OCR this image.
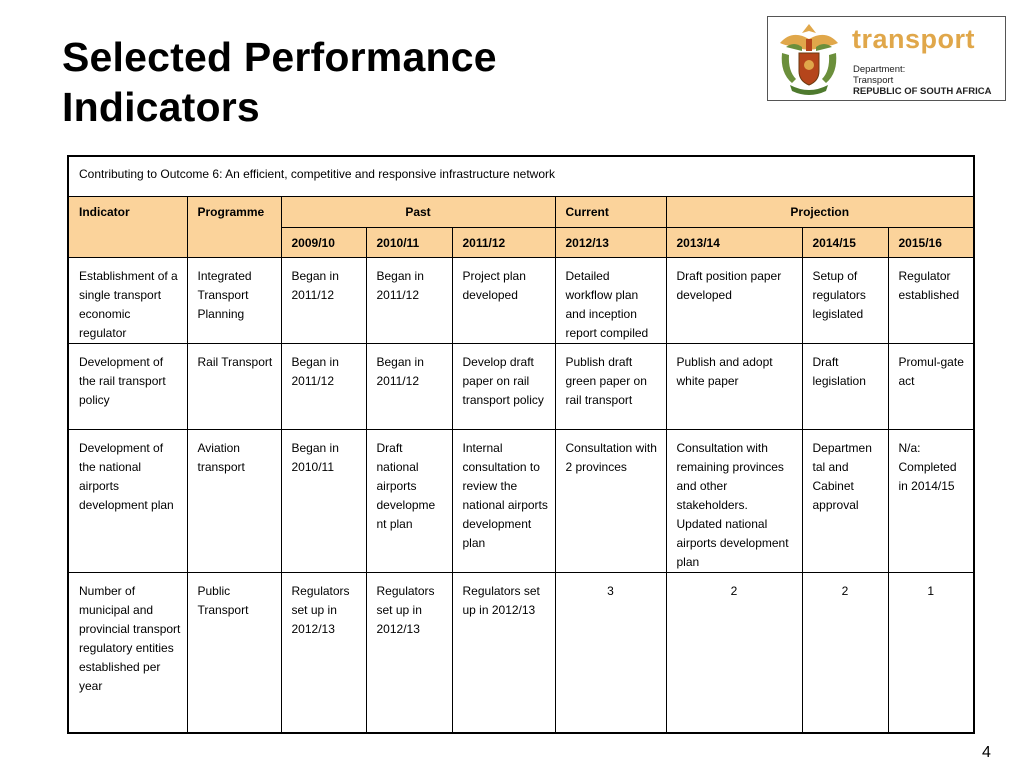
Selected Performance Indicators
transport
Department:
Transport
REPUBLIC OF SOUTH AFRICA
Contributing to Outcome 6: An efficient, competitive and responsive infrastructure network								
Indicator	Programme	Past			Current	Projection		
		2009/10	2010/11	2011/12	2012/13	2013/14	2014/15	2015/16
Establishment of a single transport economic regulator	Integrated Transport Planning	Began in 2011/12	Began in 2011/12	Project plan developed	Detailed workflow plan and inception report compiled	Draft position paper developed	Setup of regulators legislated	Regulator established
Development of the rail transport policy	Rail Transport	Began in 2011/12	Began in 2011/12	Develop draft paper on rail transport policy	Publish draft green paper on rail transport	Publish and adopt white paper	Draft legislation	Promul-gate act
Development of the national airports development plan	Aviation transport	Began in 2010/11	Draft national airports developme nt plan	Internal consultation to review the national airports development plan	Consultation with 2 provinces	Consultation with remaining provinces and other stakeholders. Updated national airports development plan	Departmen tal and Cabinet approval	N/a: Completed in 2014/15
Number of municipal and provincial transport regulatory entities established per year	Public Transport	Regulators set up in 2012/13	Regulators set up in 2012/13	Regulators set up in 2012/13	3	2	2	1
4
